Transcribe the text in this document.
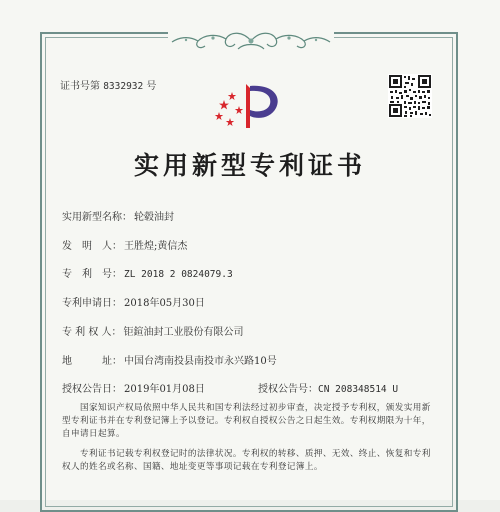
证书号第 8332932 号
实用新型专利证书
实用新型名称： 轮毂油封
发　明　人： 王胜煌;黄信杰
专　利　号： ZL 2018 2 0824079.3
专利申请日： 2018年05月30日
专 利 权 人： 钜鍹油封工业股份有限公司
地　　　址： 中国台湾南投县南投市永兴路10号
授权公告日： 2019年01月08日	授权公告号：CN 208348514 U
国家知识产权局依照中华人民共和国专利法经过初步审查，决定授予专利权，颁发实用新型专利证书并在专利登记簿上予以登记。专利权自授权公告之日起生效。专利权期限为十年，自申请日起算。
专利证书记载专利权登记时的法律状况。专利权的转移、质押、无效、终止、恢复和专利权人的姓名或名称、国籍、地址变更等事项记载在专利登记簿上。
